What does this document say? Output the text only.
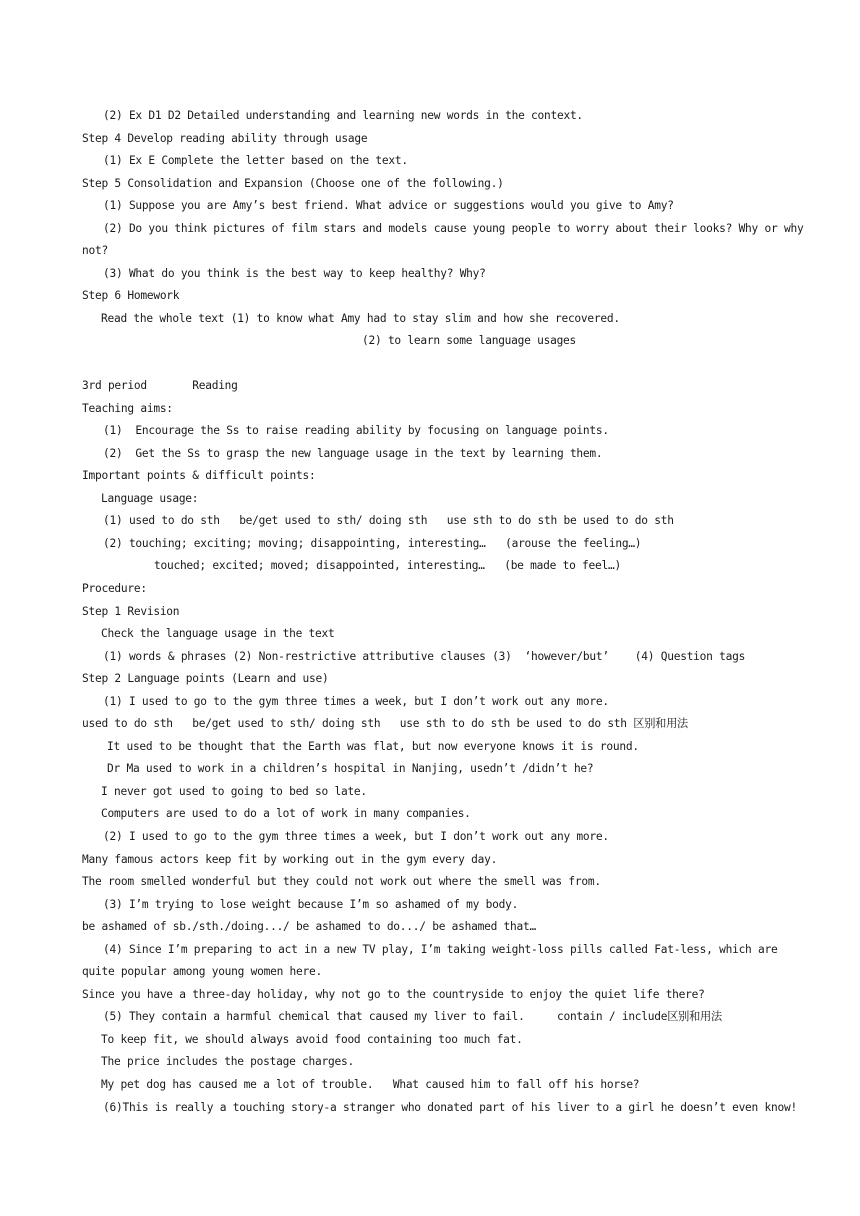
(2) Ex D1 D2 Detailed understanding and learning new words in the context.
Step 4 Develop reading ability through usage
(1) Ex E Complete the letter based on the text.
Step 5 Consolidation and Expansion (Choose one of the following.)
(1) Suppose you are Amy’s best friend. What advice or suggestions would you give to Amy?
(2) Do you think pictures of film stars and models cause young people to worry about their looks? Why or why
not?
(3) What do you think is the best way to keep healthy? Why?
Step 6 Homework
Read the whole text (1) to know what Amy had to stay slim and how she recovered.
(2) to learn some language usages
3rd period       Reading
Teaching aims:
(1)  Encourage the Ss to raise reading ability by focusing on language points.
(2)  Get the Ss to grasp the new language usage in the text by learning them.
Important points & difficult points:
Language usage:
(1) used to do sth   be/get used to sth/ doing sth   use sth to do sth be used to do sth
(2) touching; exciting; moving; disappointing, interesting…   (arouse the feeling…)
touched; excited; moved; disappointed, interesting…   (be made to feel…)
Procedure:
Step 1 Revision
Check the language usage in the text
(1) words & phrases (2) Non-restrictive attributive clauses (3)  ‘however/but’    (4) Question tags
Step 2 Language points (Learn and use)
(1) I used to go to the gym three times a week, but I don’t work out any more.
used to do sth   be/get used to sth/ doing sth   use sth to do sth be used to do sth 区别和用法
It used to be thought that the Earth was flat, but now everyone knows it is round.
Dr Ma used to work in a children’s hospital in Nanjing, usedn’t /didn’t he?
I never got used to going to bed so late.
Computers are used to do a lot of work in many companies.
(2) I used to go to the gym three times a week, but I don’t work out any more.
Many famous actors keep fit by working out in the gym every day.
The room smelled wonderful but they could not work out where the smell was from.
(3) I’m trying to lose weight because I’m so ashamed of my body.
be ashamed of sb./sth./doing.../ be ashamed to do.../ be ashamed that…
(4) Since I’m preparing to act in a new TV play, I’m taking weight-loss pills called Fat-less, which are
quite popular among young women here.
Since you have a three-day holiday, why not go to the countryside to enjoy the quiet life there?
(5) They contain a harmful chemical that caused my liver to fail.     contain / include区别和用法
To keep fit, we should always avoid food containing too much fat.
The price includes the postage charges.
My pet dog has caused me a lot of trouble.   What caused him to fall off his horse?
(6)This is really a touching story-a stranger who donated part of his liver to a girl he doesn’t even know!
